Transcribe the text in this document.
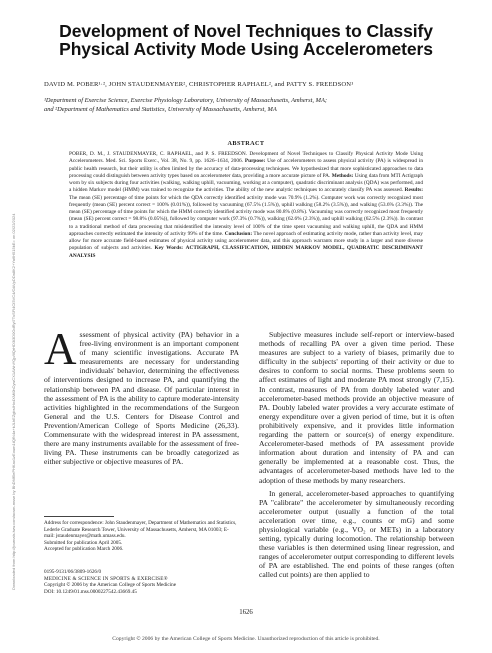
Downloaded from http://journals.lww.com/acsm-msse by BhDMf5ePHKav1zEoum1tQfN4a+kJLhEZgbsIHo4XMi0hCywCX1AWnYQp/IlQrHD3i3D0OdRyi7TvSFl4Cf3VC4/OAVpDDa8K2+Ya6H515kE= on 02/22/2024
Development of Novel Techniques to Classify Physical Activity Mode Using Accelerometers
DAVID M. POBER¹·², JOHN STAUDENMAYER², CHRISTOPHER RAPHAEL², and PATTY S. FREEDSON¹
¹Department of Exercise Science, Exercise Physiology Laboratory, University of Massachusetts, Amherst, MA;
and ²Department of Mathematics and Statistics, University of Massachusetts, Amherst, MA
ABSTRACT
POBER, D. M., J. STAUDENMAYER, C. RAPHAEL, and P. S. FREEDSON. Development of Novel Techniques to Classify Physical Activity Mode Using Accelerometers. Med. Sci. Sports Exerc., Vol. 38, No. 9, pp. 1626–1634, 2006. Purpose: Use of accelerometers to assess physical activity (PA) is widespread in public health research, but their utility is often limited by the accuracy of data-processing techniques. We hypothesized that more sophisticated approaches to data processing could distinguish between activity types based on accelerometer data, providing a more accurate picture of PA. Methods: Using data from MTI Actigraph worn by six subjects during four activities (walking, walking uphill, vacuuming, working at a computer), quadratic discriminant analysis (QDA) was performed, and a hidden Markov model (HMM) was trained to recognize the activities. The ability of the new analytic techniques to accurately classify PA was assessed. Results: The mean (SE) percentage of time points for which the QDA correctly identified activity mode was 70.9% (1.2%). Computer work was correctly recognized most frequently (mean (SE) percent correct = 100% (0.01%)), followed by vacuuming (67.5% (1.5%)), uphill walking (58.2% (3.5%)), and walking (53.6% (3.3%)). The mean (SE) percentage of time points for which the HMM correctly identified activity mode was 80.8% (0.8%). Vacuuming was correctly recognized most frequently (mean (SE) percent correct = 98.8% (0.05%)), followed by computer work (97.3% (0.7%)), walking (62.6% (2.3%)), and uphill walking (62.5% (2.3%)). In contrast to a traditional method of data processing that misidentified the intensity level of 100% of the time spent vacuuming and walking uphill, the QDA and HMM approaches correctly estimated the intensity of activity 99% of the time. Conclusion: The novel approach of estimating activity mode, rather than activity level, may allow for more accurate field-based estimates of physical activity using accelerometer data, and this approach warrants more study in a larger and more diverse population of subjects and activities. Key Words: ACTIGRAPH, CLASSIFICATION, HIDDEN MARKOV MODEL, QUADRATIC DISCRIMINANT ANALYSIS

Assessment of physical activity (PA) behavior in a free-living environment is an important component of many scientific investigations. Accurate PA measurements are necessary for understanding individuals' behavior, determining the effectiveness of interventions designed to increase PA, and quantifying the relationship between PA and disease. Of particular interest in the assessment of PA is the ability to capture moderate-intensity activities highlighted in the recommendations of the Surgeon General and the U.S. Centers for Disease Control and Prevention/American College of Sports Medicine (26,33). Commensurate with the widespread interest in PA assessment, there are many instruments available for the assessment of free-living PA. These instruments can be broadly categorized as either subjective or objective measures of PA.

Subjective measures include self-report or interview-based methods of recalling PA over a given time period. These measures are subject to a variety of biases, primarily due to difficulty in the subjects' reporting of their activity or due to desires to conform to social norms. These problems seem to affect estimates of light and moderate PA most strongly (7,15). In contrast, measures of PA from doubly labeled water and accelerometer-based methods provide an objective measure of PA. Doubly labeled water provides a very accurate estimate of energy expenditure over a given period of time, but it is often prohibitively expensive, and it provides little information regarding the pattern or source(s) of energy expenditure. Accelerometer-based methods of PA assessment provide information about duration and intensity of PA and can generally be implemented at a reasonable cost. Thus, the advantages of accelerometer-based methods have led to the adoption of these methods by many researchers.

In general, accelerometer-based approaches to quantifying PA "calibrate" the accelerometer by simultaneously recording accelerometer output (usually a function of the total acceleration over time, e.g., counts or mG) and some physiological variable (e.g., VO₂ or METs) in a laboratory setting, typically during locomotion. The relationship between these variables is then determined using linear regression, and ranges of accelerometer output corresponding to different levels of PA are established. The end points of these ranges (often called cut points) are then applied to

Address for correspondence: John Staudenmayer, Department of Mathematics and Statistics, Lederle Graduate Research Tower, University of Massachusetts, Amherst, MA 01003; E-mail: jstaudenmayer@math.umass.edu.
Submitted for publication April 2005.
Accepted for publication March 2006.
0195-9131/06/3809-1626/0
MEDICINE & SCIENCE IN SPORTS & EXERCISE®
Copyright © 2006 by the American College of Sports Medicine
DOI: 10.1249/01.mss.0000227542.43669.45
1626
Copyright © 2006 by the American College of Sports Medicine. Unauthorized reproduction of this article is prohibited.
